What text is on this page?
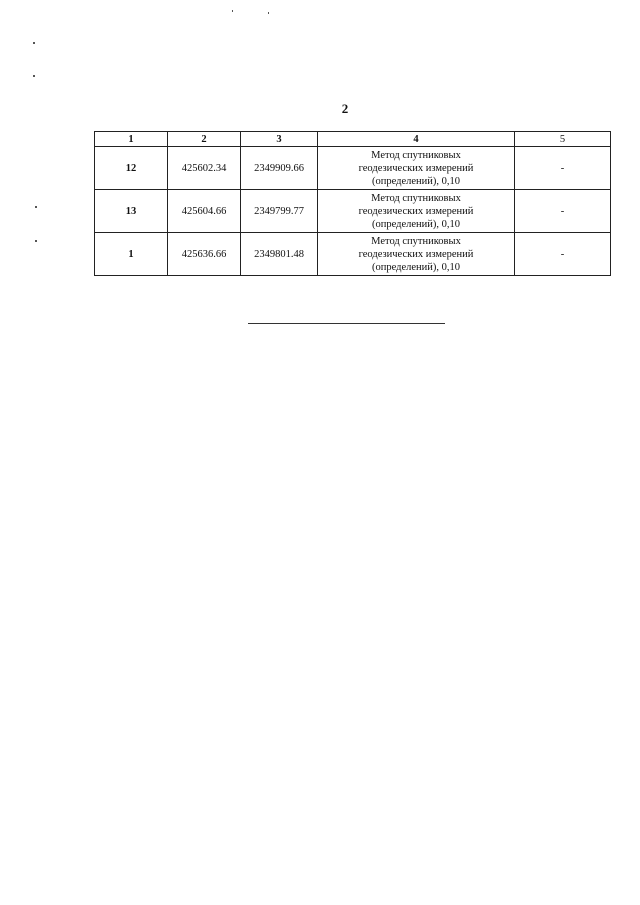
2
1	2	3	4	5
12	425602.34	2349909.66	Метод спутниковых
геодезических измерений
(определений), 0,10	-
13	425604.66	2349799.77	Метод спутниковых
геодезических измерений
(определений), 0,10	-
1	425636.66	2349801.48	Метод спутниковых
геодезических измерений
(определений), 0,10	-
